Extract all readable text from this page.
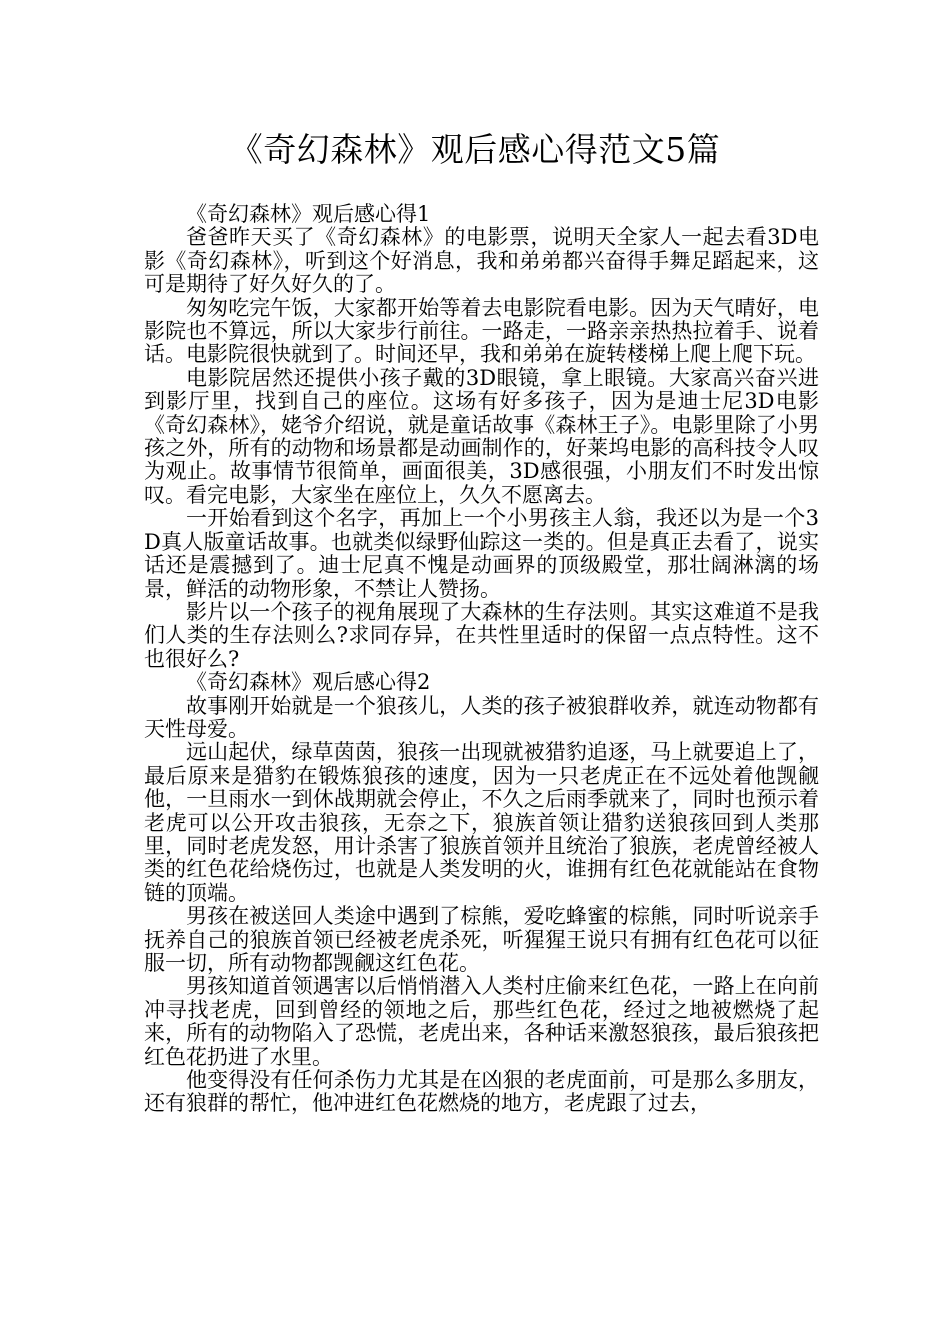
《奇幻森林》观后感心得范文5篇

《奇幻森林》观后感心得1

爸爸昨天买了《奇幻森林》的电影票，说明天全家人一起去看3D电影《奇幻森林》，听到这个好消息，我和弟弟都兴奋得手舞足蹈起来，这可是期待了好久好久的了。

匆匆吃完午饭，大家都开始等着去电影院看电影。因为天气晴好，电影院也不算远，所以大家步行前往。一路走，一路亲亲热热拉着手、说着话。电影院很快就到了。时间还早，我和弟弟在旋转楼梯上爬上爬下玩。

电影院居然还提供小孩子戴的3D眼镜，拿上眼镜。大家高兴奋兴进到影厅里，找到自己的座位。这场有好多孩子，因为是迪士尼3D电影《奇幻森林》，姥爷介绍说，就是童话故事《森林王子》。电影里除了小男孩之外，所有的动物和场景都是动画制作的，好莱坞电影的高科技令人叹为观止。故事情节很简单，画面很美，3D感很强，小朋友们不时发出惊叹。看完电影，大家坐在座位上，久久不愿离去。

一开始看到这个名字，再加上一个小男孩主人翁，我还以为是一个3D真人版童话故事。也就类似绿野仙踪这一类的。但是真正去看了，说实话还是震撼到了。迪士尼真不愧是动画界的顶级殿堂，那壮阔淋漓的场景，鲜活的动物形象，不禁让人赞扬。

影片以一个孩子的视角展现了大森林的生存法则。其实这难道不是我们人类的生存法则么?求同存异，在共性里适时的保留一点点特性。这不也很好么?

《奇幻森林》观后感心得2

故事刚开始就是一个狼孩儿，人类的孩子被狼群收养，就连动物都有天性母爱。

远山起伏，绿草茵茵，狼孩一出现就被猎豹追逐，马上就要追上了，最后原来是猎豹在锻炼狼孩的速度，因为一只老虎正在不远处着他觊觎他，一旦雨水一到休战期就会停止，不久之后雨季就来了，同时也预示着老虎可以公开攻击狼孩，无奈之下，狼族首领让猎豹送狼孩回到人类那里，同时老虎发怒，用计杀害了狼族首领并且统治了狼族，老虎曾经被人类的红色花给烧伤过，也就是人类发明的火，谁拥有红色花就能站在食物链的顶端。

男孩在被送回人类途中遇到了棕熊，爱吃蜂蜜的棕熊，同时听说亲手抚养自己的狼族首领已经被老虎杀死，听猩猩王说只有拥有红色花可以征服一切，所有动物都觊觎这红色花。

男孩知道首领遇害以后悄悄潜入人类村庄偷来红色花，一路上在向前冲寻找老虎，回到曾经的领地之后，那些红色花，经过之地被燃烧了起来，所有的动物陷入了恐慌，老虎出来，各种话来激怒狼孩，最后狼孩把红色花扔进了水里。

他变得没有任何杀伤力尤其是在凶狠的老虎面前，可是那么多朋友，还有狼群的帮忙，他冲进红色花燃烧的地方，老虎跟了过去，
